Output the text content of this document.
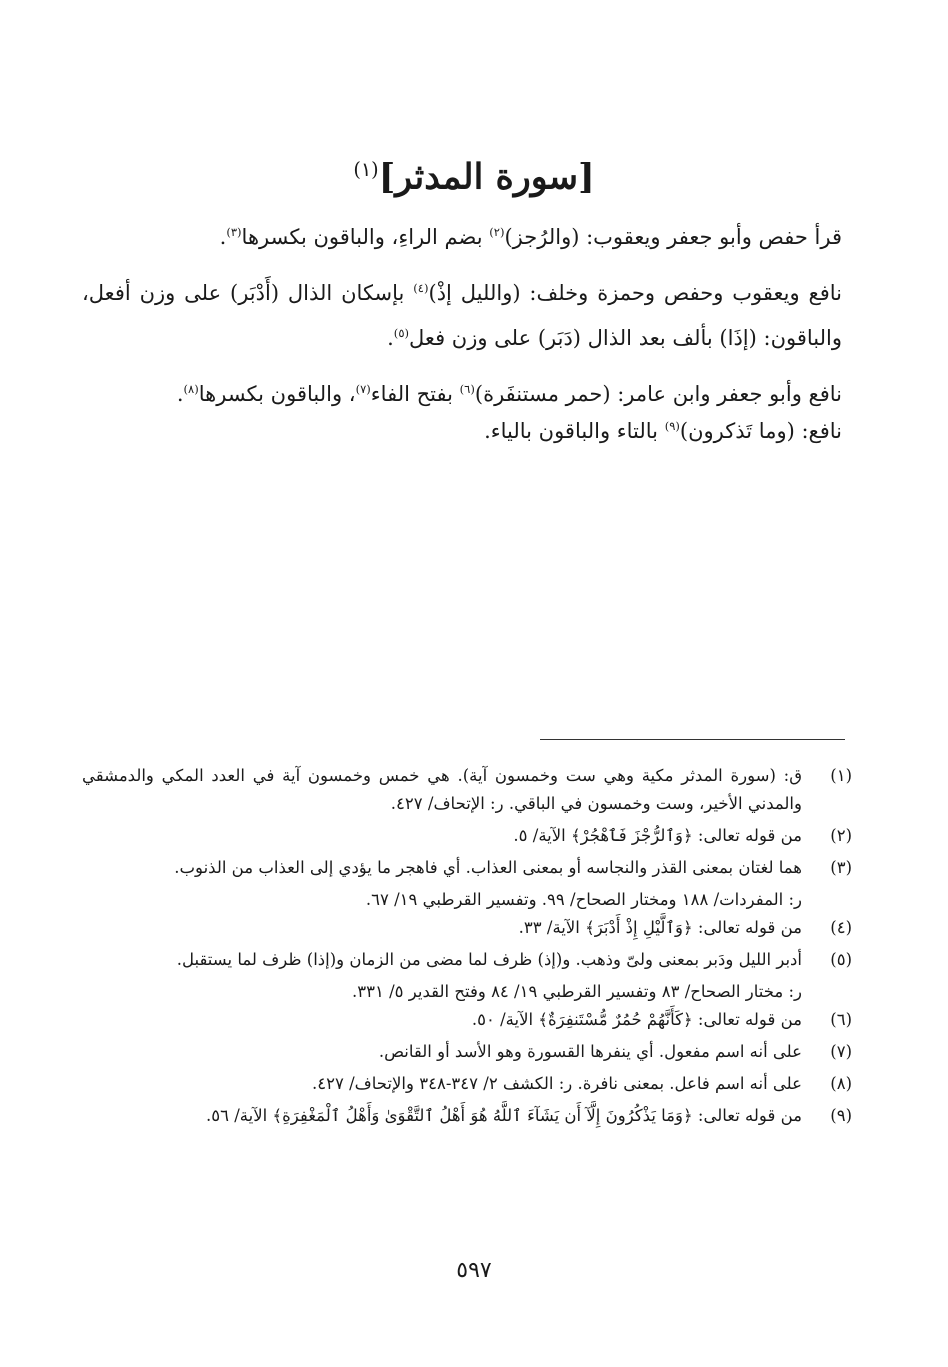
[سورة المدثر]$^{(١)}$
قرأ حفص وأبو جعفر ويعقوب: (والرُجز)$^{(٢)}$ بضم الراءِ، والباقون بكسرها$^{(٣)}$.
نافع ويعقوب وحفص وحمزة وخلف: (والليل إذْ)$^{(٤)}$ بإسكان الذال (أَدْبَر) على وزن أفعل، والباقون: (إذَا) بألف بعد الذال (دَبَر) على وزن فعل$^{(٥)}$.
نافع وأبو جعفر وابن عامر: (حمر مستنفَرة)$^{(٦)}$ بفتح الفاء$^{(٧)}$، والباقون بكسرها$^{(٨)}$.
نافع: (وما تَذكرون)$^{(٩)}$ بالتاء والباقون بالياء.
(١)
ق: (سورة المدثر مكية وهي ست وخمسون آية). هي خمس وخمسون آية في العدد المكي والدمشقي والمدني الأخير، وست وخمسون في الباقي. ر: الإتحاف/ ٤٢٧.
(٢)
من قوله تعالى: ﴿وَٱلرُّجْزَ فَٱهْجُرْ﴾ الآية/ ٥.
(٣)
هما لغتان بمعنى القذر والنجاسه أو بمعنى العذاب. أي فاهجر ما يؤدي إلى العذاب من الذنوب.
ر: المفردات/ ١٨٨ ومختار الصحاح/ ٩٩. وتفسير القرطبي ١٩/ ٦٧.
(٤)
من قوله تعالى: ﴿وَٱلَّيْلِ إِذْ أَدْبَرَ﴾ الآية/ ٣٣.
(٥)
أدبر الليل ودَبر بمعنى ولىّ وذهب. و(إذ) ظرف لما مضى من الزمان و(إذا) ظرف لما يستقبل.
ر: مختار الصحاح/ ٨٣ وتفسير القرطبي ١٩/ ٨٤ وفتح القدير ٥/ ٣٣١.
(٦)
من قوله تعالى: ﴿كَأَنَّهُمْ حُمُرٌ مُّسْتَنفِرَةٌ﴾ الآية/ ٥٠.
(٧)
على أنه اسم مفعول. أي ينفرها القسورة وهو الأسد أو القانص.
(٨)
على أنه اسم فاعل. بمعنى نافرة. ر: الكشف ٢/ ٣٤٧-٣٤٨ والإتحاف/ ٤٢٧.
(٩)
من قوله تعالى: ﴿وَمَا يَذْكُرُونَ إِلَّآ أَن يَشَآءَ ٱللَّهُ هُوَ أَهْلُ ٱلتَّقْوَىٰ وَأَهْلُ ٱلْمَغْفِرَةِ﴾ الآية/ ٥٦.
٥٩٧
